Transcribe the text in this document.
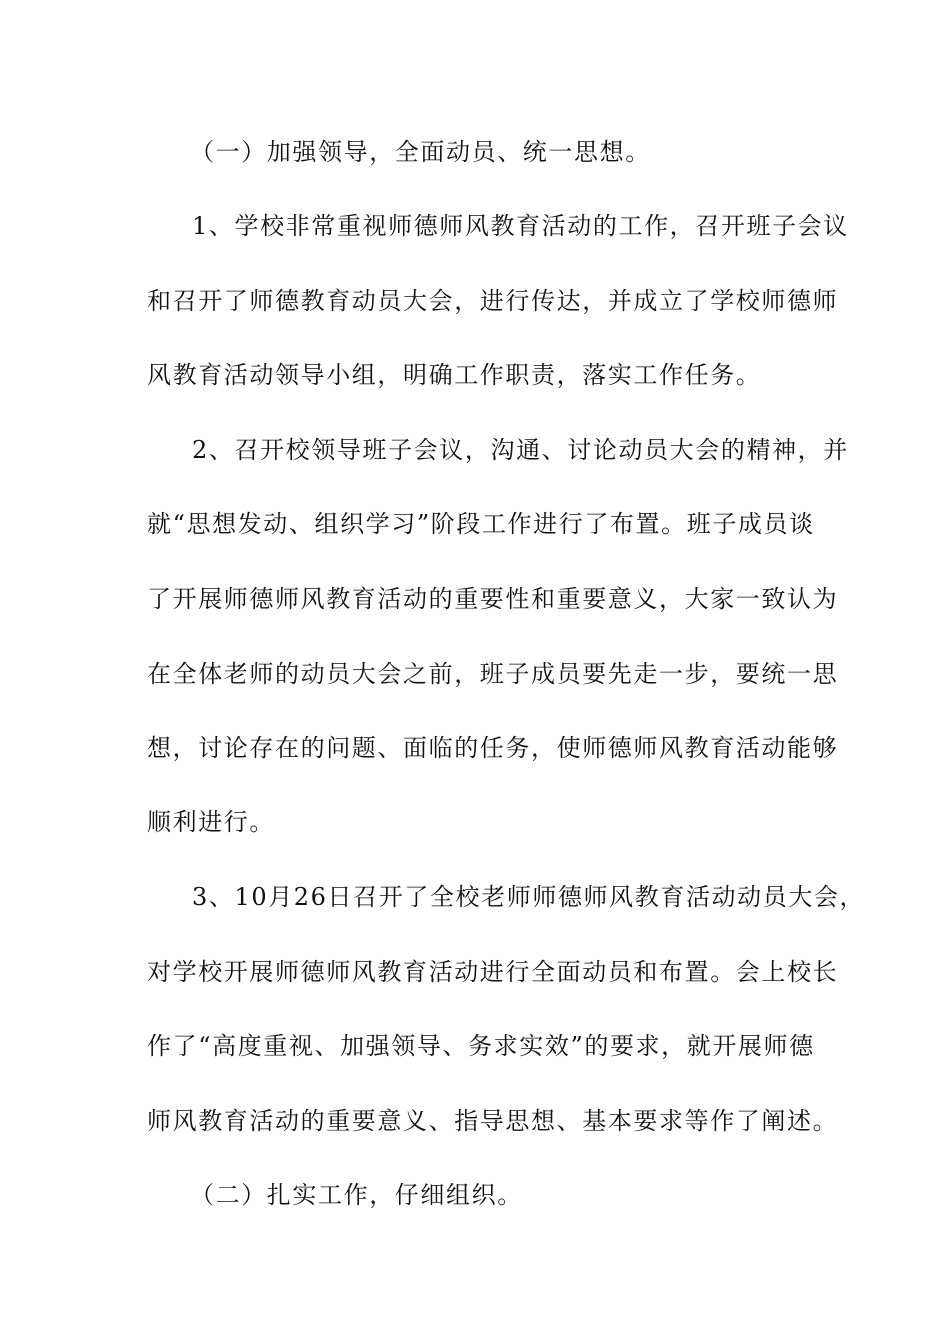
（一）加强领导，全面动员、统一思想。
1、学校非常重视师德师风教育活动的工作，召开班子会议
和召开了师德教育动员大会，进行传达，并成立了学校师德师
风教育活动领导小组，明确工作职责，落实工作任务。
2、召开校领导班子会议，沟通、讨论动员大会的精神，并
就“思想发动、组织学习”阶段工作进行了布置。班子成员谈
了开展师德师风教育活动的重要性和重要意义，大家一致认为
在全体老师的动员大会之前，班子成员要先走一步，要统一思
想，讨论存在的问题、面临的任务，使师德师风教育活动能够
顺利进行。
3、10月26日召开了全校老师师德师风教育活动动员大会，
对学校开展师德师风教育活动进行全面动员和布置。会上校长
作了“高度重视、加强领导、务求实效”的要求，就开展师德
师风教育活动的重要意义、指导思想、基本要求等作了阐述。
（二）扎实工作，仔细组织。
